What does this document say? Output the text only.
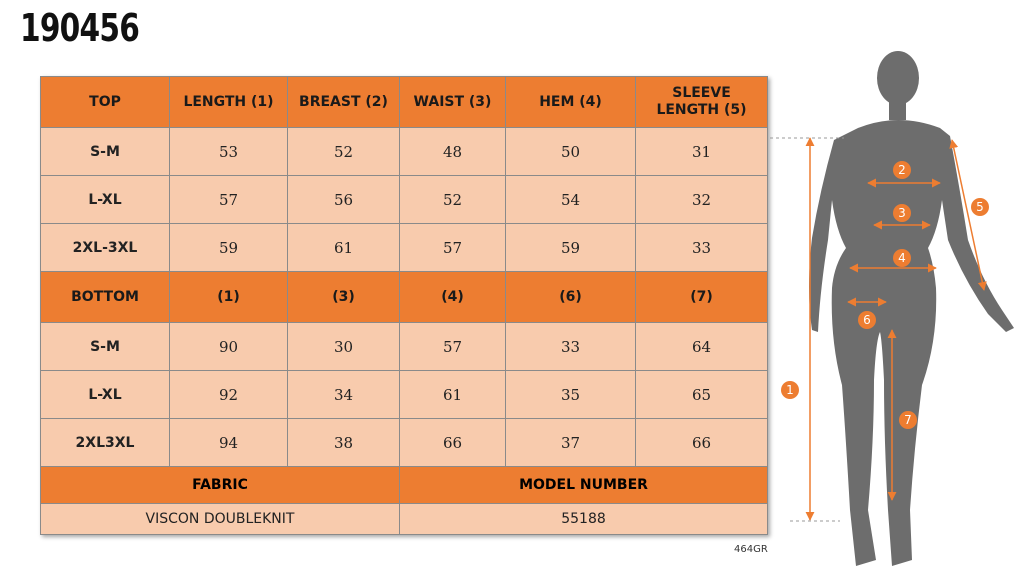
190456
TOP	LENGTH (1)	BREAST (2)	WAIST (3)	HEM (4)	SLEEVE LENGTH (5)
S-M	53	52	48	50	31
L-XL	57	56	52	54	32
2XL-3XL	59	61	57	59	33
BOTTOM	(1)	(3)	(4)	(6)	(7)
S-M	90	30	57	33	64
L-XL	92	34	61	35	65
2XL3XL	94	38	66	37	66
FABRIC			MODEL NUMBER		
VISCON DOUBLEKNIT			55188		
464GR
1
2
3
4
5
6
7
